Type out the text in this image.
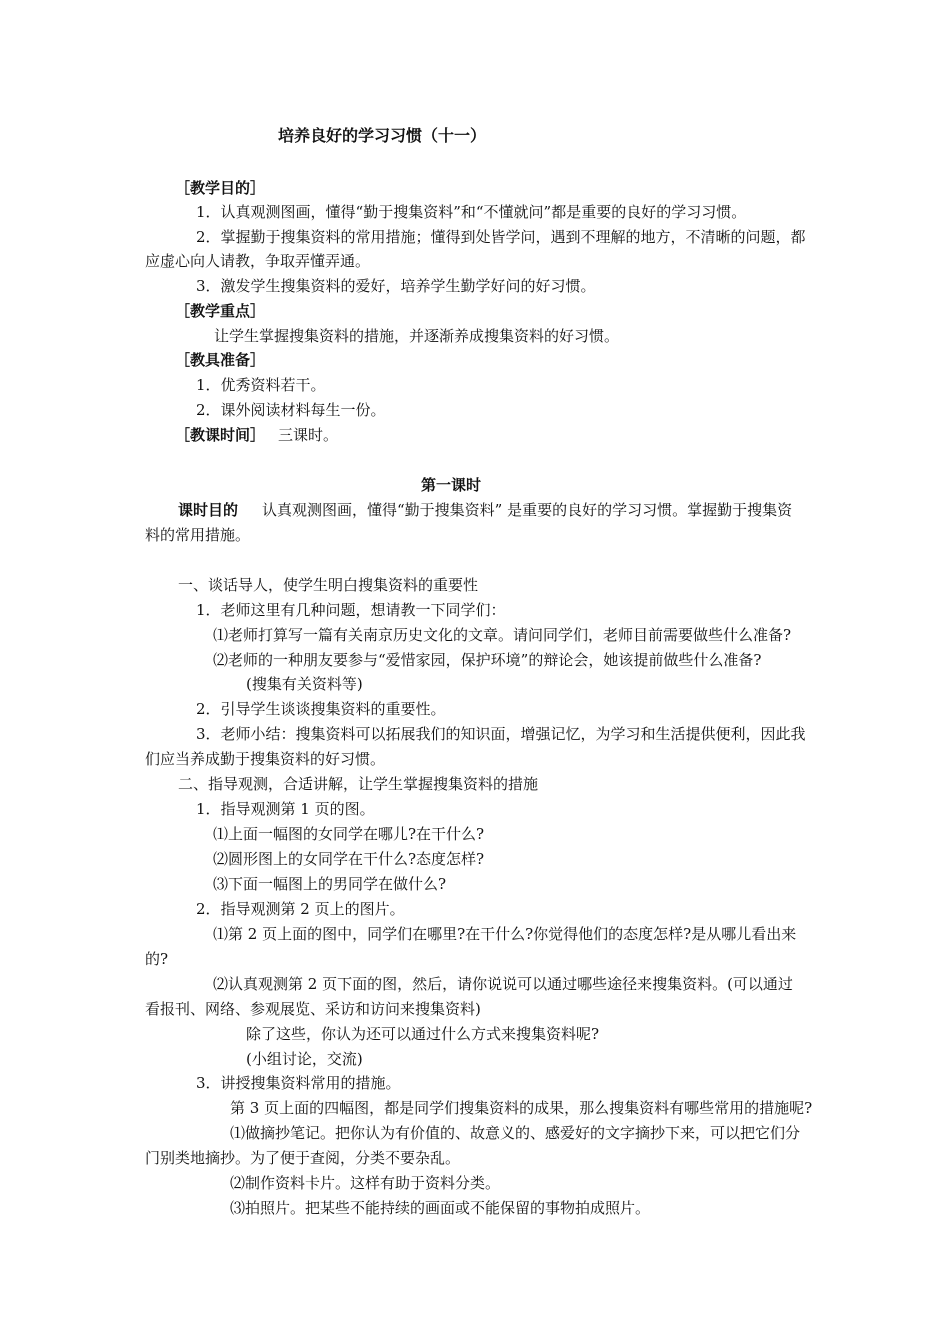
培养良好的学习习惯（十一）
［教学目的］
1．认真观测图画，懂得“勤于搜集资料”和“不懂就问”都是重要的良好的学习习惯。
2．掌握勤于搜集资料的常用措施；懂得到处皆学问，遇到不理解的地方，不清晰的问题，都
应虚心向人请教，争取弄懂弄通。
3．激发学生搜集资料的爱好，培养学生勤学好问的好习惯。
［教学重点］
让学生掌握搜集资料的措施，并逐渐养成搜集资料的好习惯。
［教具准备］
1．优秀资料若干。
2．课外阅读材料每生一份。
［教课时间］ 三课时。
第一课时
课时目的 认真观测图画，懂得“勤于搜集资料” 是重要的良好的学习习惯。掌握勤于搜集资
料的常用措施。
一、谈话导人，使学生明白搜集资料的重要性
1．老师这里有几种问题，想请教一下同学们：
⑴老师打算写一篇有关南京历史文化的文章。请问同学们，老师目前需要做些什么准备?
⑵老师的一种朋友要参与“爱惜家园，保护环境”的辩论会，她该提前做些什么准备?
(搜集有关资料等)
2．引导学生谈谈搜集资料的重要性。
3．老师小结：搜集资料可以拓展我们的知识面，增强记忆，为学习和生活提供便利，因此我
们应当养成勤于搜集资料的好习惯。
二、指导观测，合适讲解，让学生掌握搜集资料的措施
1．指导观测第 1 页的图。
⑴上面一幅图的女同学在哪儿?在干什么?
⑵圆形图上的女同学在干什么?态度怎样?
⑶下面一幅图上的男同学在做什么?
2．指导观测第 2 页上的图片。
⑴第 2 页上面的图中，同学们在哪里?在干什么?你觉得他们的态度怎样?是从哪儿看出来
的?
⑵认真观测第 2 页下面的图，然后，请你说说可以通过哪些途径来搜集资料。(可以通过
看报刊、网络、参观展览、采访和访问来搜集资料)
除了这些，你认为还可以通过什么方式来搜集资料呢?
(小组讨论，交流)
3．讲授搜集资料常用的措施。
第 3 页上面的四幅图，都是同学们搜集资料的成果，那么搜集资料有哪些常用的措施呢?
⑴做摘抄笔记。把你认为有价值的、故意义的、感爱好的文字摘抄下来，可以把它们分
门别类地摘抄。为了便于查阅，分类不要杂乱。
⑵制作资料卡片。这样有助于资料分类。
⑶拍照片。把某些不能持续的画面或不能保留的事物拍成照片。
